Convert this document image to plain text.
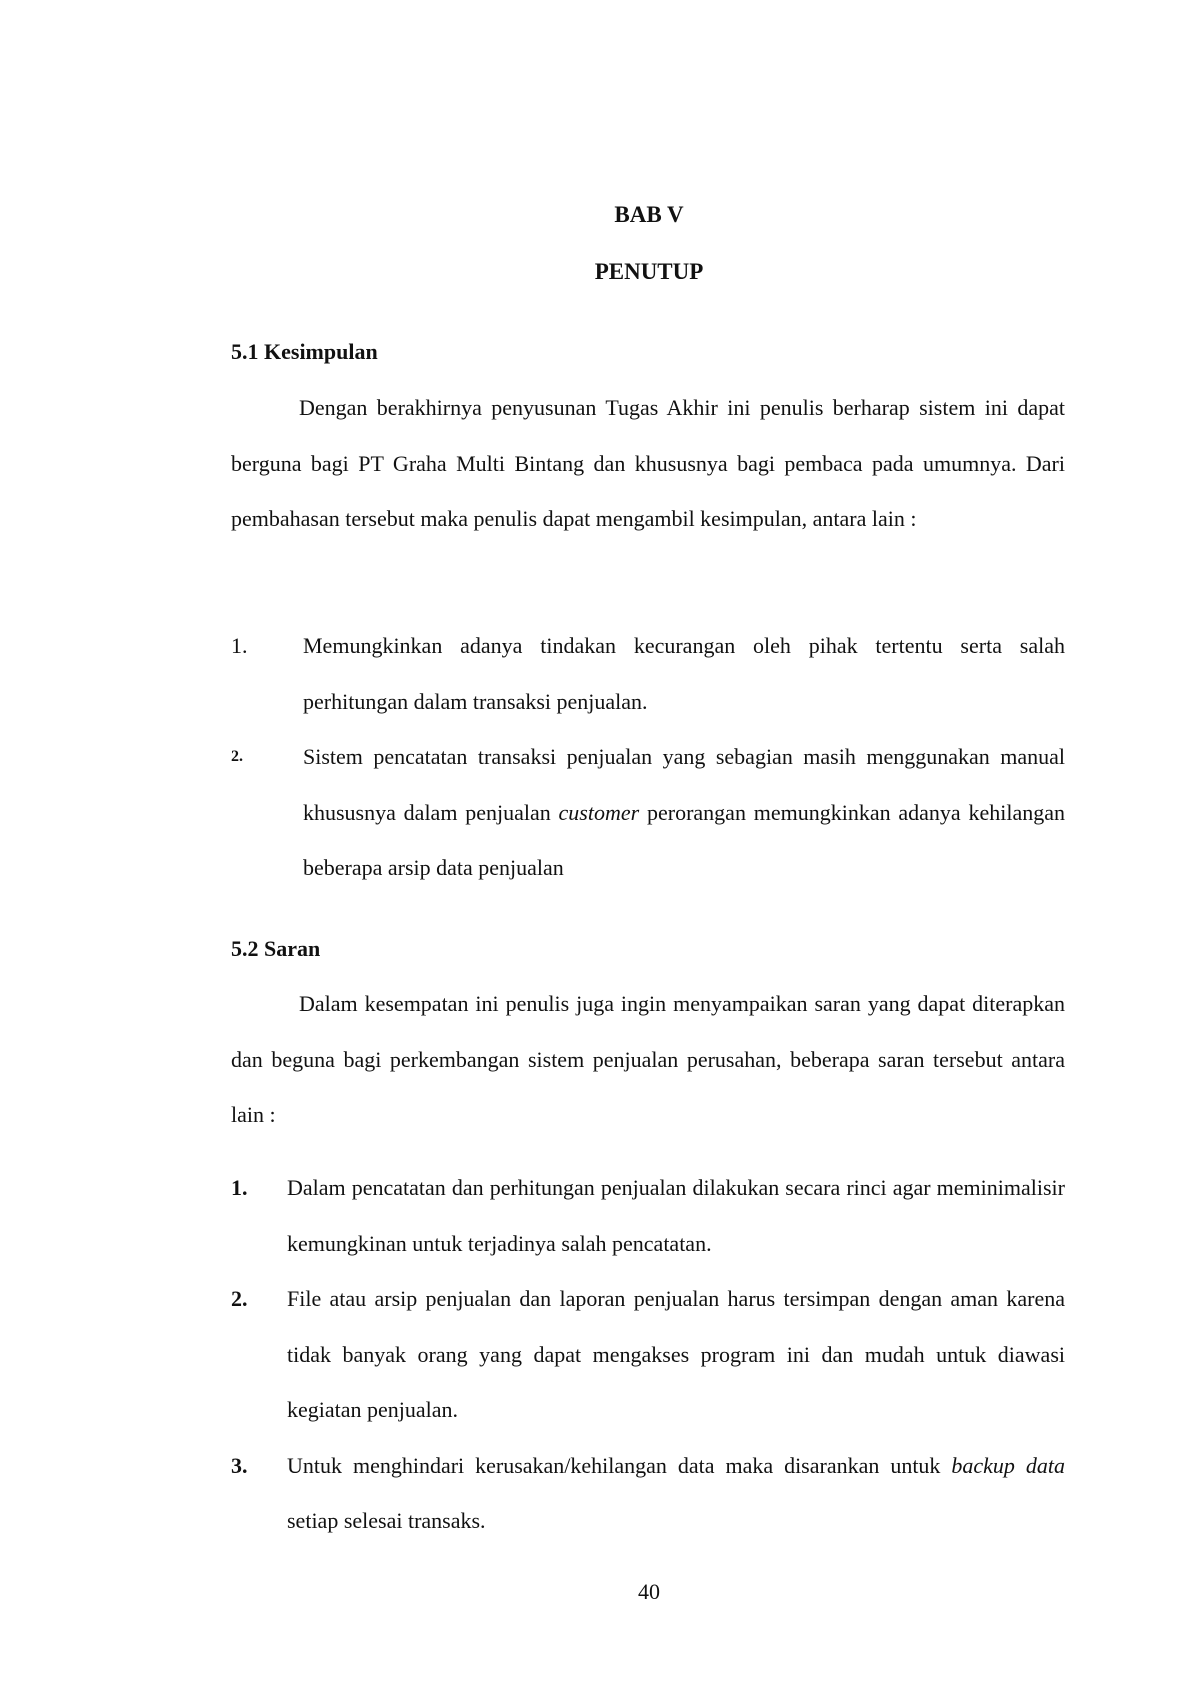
BAB V
PENUTUP
5.1 Kesimpulan

Dengan berakhirnya penyusunan Tugas Akhir ini penulis berharap sistem ini dapat berguna bagi PT Graha Multi Bintang dan khususnya bagi pembaca pada umumnya. Dari pembahasan tersebut maka penulis dapat mengambil kesimpulan, antara lain :

1.	Memungkinkan adanya tindakan kecurangan oleh pihak tertentu serta salah perhitungan dalam transaksi penjualan.
2.	Sistem pencatatan transaksi penjualan yang sebagian masih menggunakan manual khususnya dalam penjualan customer perorangan memungkinkan adanya kehilangan beberapa arsip data penjualan
5.2 Saran

Dalam kesempatan ini penulis juga ingin menyampaikan saran yang dapat diterapkan dan beguna bagi perkembangan sistem penjualan perusahan, beberapa saran tersebut antara lain :

1. Dalam pencatatan dan perhitungan penjualan dilakukan secara rinci agar meminimalisir kemungkinan untuk terjadinya salah pencatatan.
2. File atau arsip penjualan dan laporan penjualan harus tersimpan dengan aman karena tidak banyak orang yang dapat mengakses program ini dan mudah untuk diawasi kegiatan penjualan.
3. Untuk menghindari kerusakan/kehilangan data maka disarankan untuk backup data setiap selesai transaks.
40
